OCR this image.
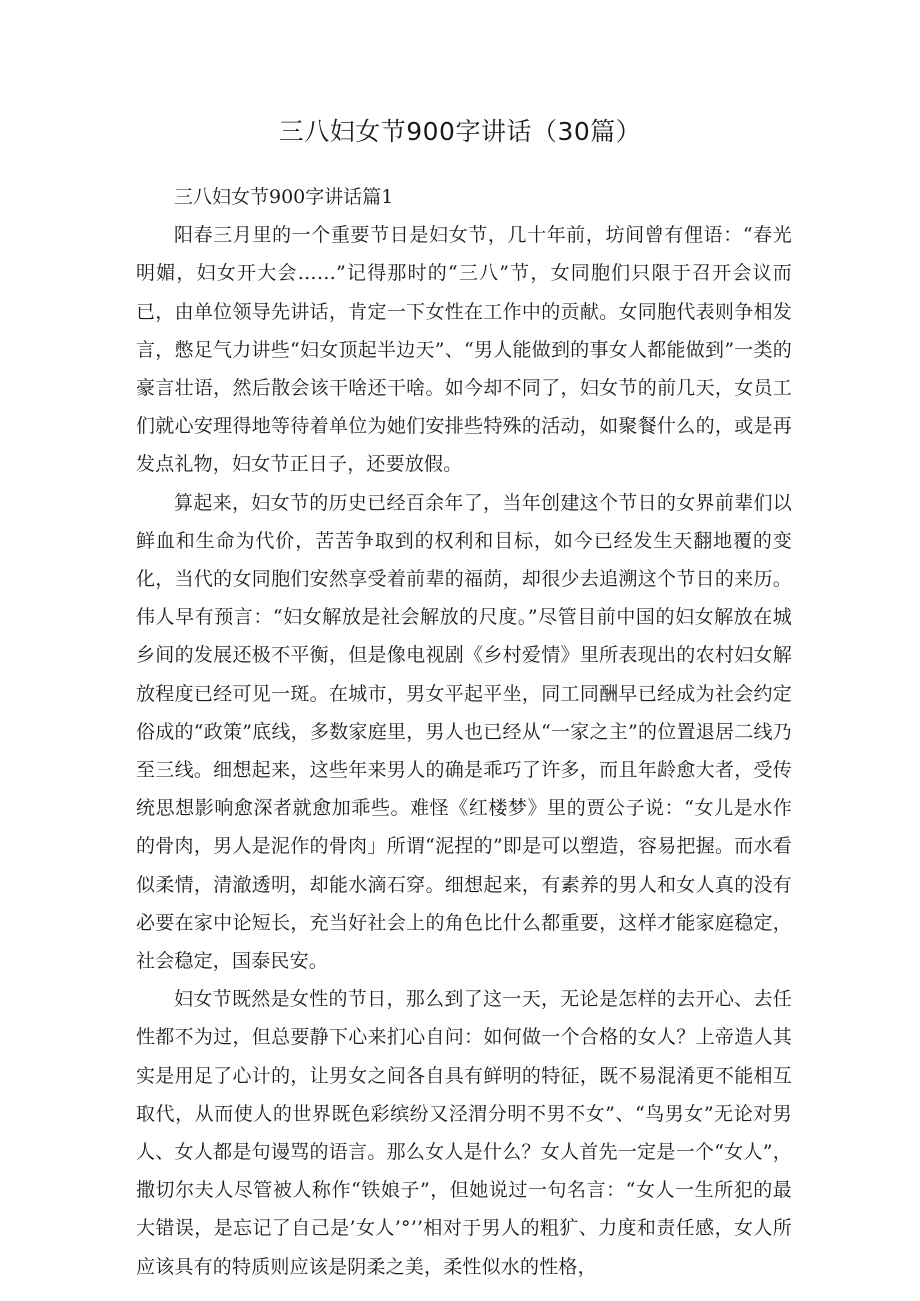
三八妇女节900字讲话（30篇）
三八妇女节900字讲话篇1

阳春三月里的一个重要节日是妇女节，几十年前，坊间曾有俚语：“春光明媚，妇女开大会……”记得那时的“三八”节，女同胞们只限于召开会议而已，由单位领导先讲话，肯定一下女性在工作中的贡献。女同胞代表则争相发言，憋足气力讲些“妇女顶起半边天”、“男人能做到的事女人都能做到”一类的豪言壮语，然后散会该干啥还干啥。如今却不同了，妇女节的前几天，女员工们就心安理得地等待着单位为她们安排些特殊的活动，如聚餐什么的，或是再发点礼物，妇女节正日子，还要放假。

算起来，妇女节的历史已经百余年了，当年创建这个节日的女界前辈们以鲜血和生命为代价，苦苦争取到的权利和目标，如今已经发生天翻地覆的变化，当代的女同胞们安然享受着前辈的福荫，却很少去追溯这个节日的来历。伟人早有预言：“妇女解放是社会解放的尺度。”尽管目前中国的妇女解放在城乡间的发展还极不平衡，但是像电视剧《乡村爱情》里所表现出的农村妇女解放程度已经可见一斑。在城市，男女平起平坐，同工同酬早已经成为社会约定俗成的“政策”底线，多数家庭里，男人也已经从“一家之主”的位置退居二线乃至三线。细想起来，这些年来男人的确是乖巧了许多，而且年龄愈大者，受传统思想影响愈深者就愈加乖些。难怪《红楼梦》里的贾公子说：“女儿是水作的骨肉，男人是泥作的骨肉」所谓“泥捏的”即是可以塑造，容易把握。而水看似柔情，清澈透明，却能水滴石穿。细想起来，有素养的男人和女人真的没有必要在家中论短长，充当好社会上的角色比什么都重要，这样才能家庭稳定，社会稳定，国泰民安。

妇女节既然是女性的节日，那么到了这一天，无论是怎样的去开心、去任性都不为过，但总要静下心来扪心自问：如何做一个合格的女人？上帝造人其实是用足了心计的，让男女之间各自具有鲜明的特征，既不易混淆更不能相互取代，从而使人的世界既色彩缤纷又泾渭分明不男不女”、“鸟男女”无论对男人、女人都是句谩骂的语言。那么女人是什么？女人首先一定是一个“女人”，撒切尔夫人尽管被人称作“铁娘子”，但她说过一句名言：“女人一生所犯的最大错误，是忘记了自己是’女人’°’’相对于男人的粗犷、力度和责任感，女人所应该具有的特质则应该是阴柔之美，柔性似水的性格，
